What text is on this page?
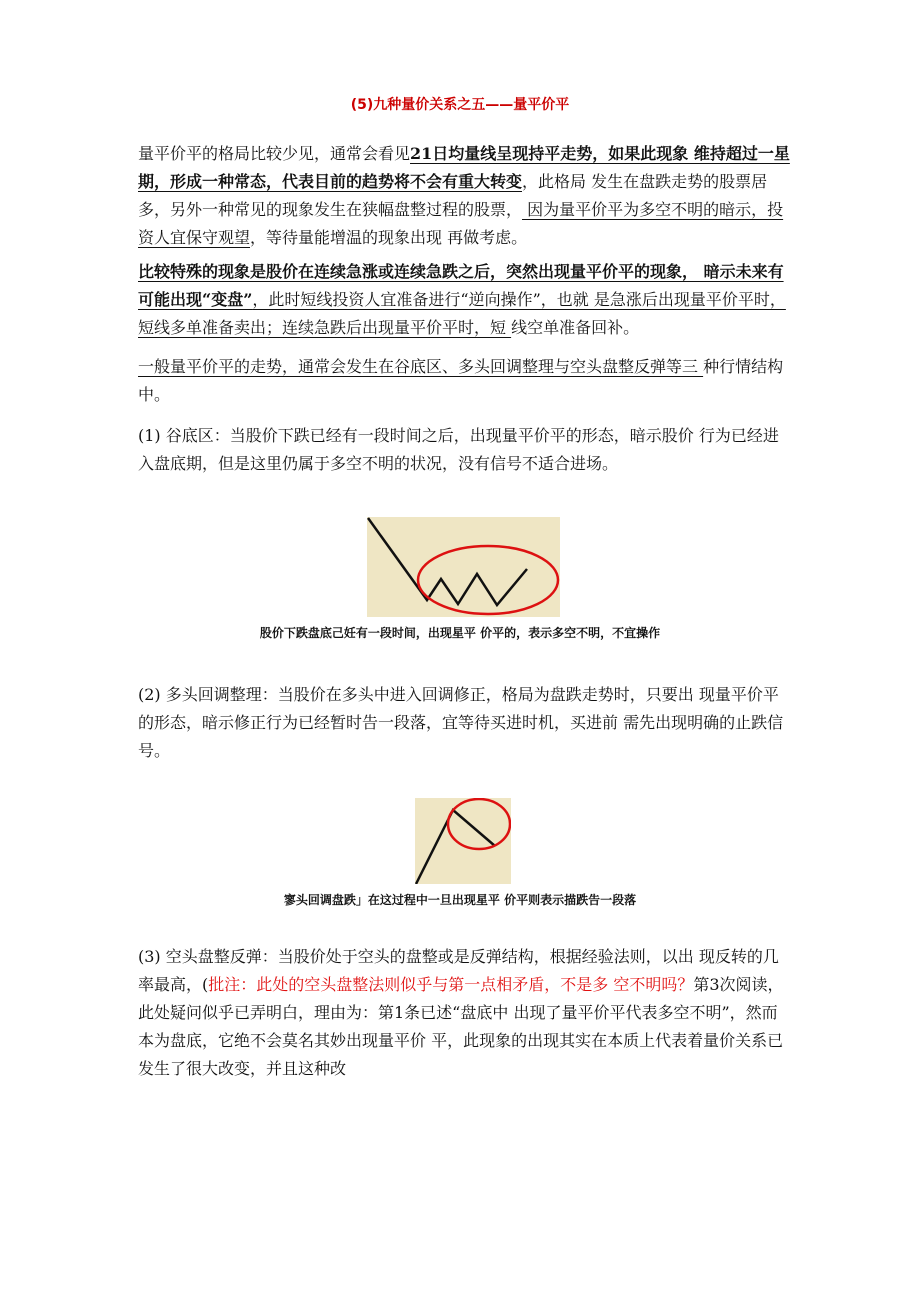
(5)九种量价关系之五——量平价平

量平价平的格局比较少见，通常会看见21日均量线呈现持平走势，如果此现象 维持超过一星期，形成一种常态，代表目前的趋势将不会有重大转变，此格局 发生在盘跌走势的股票居多，另外一种常见的现象发生在狭幅盘整过程的股票， 因为量平价平为多空不明的暗示，投资人宜保守观望，等待量能增温的现象出现 再做考虑。

比较特殊的现象是股价在连续急涨或连续急跌之后，突然出现量平价平的现象， 暗示未来有可能出现“变盘”，此时短线投资人宜准备进行“逆向操作”，也就 是急涨后出现量平价平时，短线多单准备卖出；连续急跌后出现量平价平时，短 线空单准备回补。

一般量平价平的走势，通常会发生在谷底区、多头回调整理与空头盘整反弹等三 种行情结构中。

(1) 谷底区：当股价下跌已经有一段时间之后，出现量平价平的形态，暗示股价 行为已经进入盘底期，但是这里仍属于多空不明的状况，没有信号不适合进场。

股价下跌盘底己妊有一段时间，出现星平 价平的，表示多空不明，不宜操作

(2) 多头回调整理：当股价在多头中进入回调修正，格局为盘跌走势时，只要出 现量平价平的形态，暗示修正行为已经暂时告一段落，宜等待买进时机，买进前 需先出现明确的止跌信号。

寥头回调盘跌」在这过程中一旦出现星平 价平则表示描跌告一段落

(3) 空头盘整反弹：当股价处于空头的盘整或是反弹结构，根据经验法则，以出 现反转的几率最高，(批注：此处的空头盘整法则似乎与第一点相矛盾，不是多 空不明吗？第3次阅读，此处疑问似乎已弄明白，理由为：第1条已述“盘底中 出现了量平价平代表多空不明”，然而本为盘底，它绝不会莫名其妙出现量平价 平，此现象的出现其实在本质上代表着量价关系已发生了很大改变，并且这种改
